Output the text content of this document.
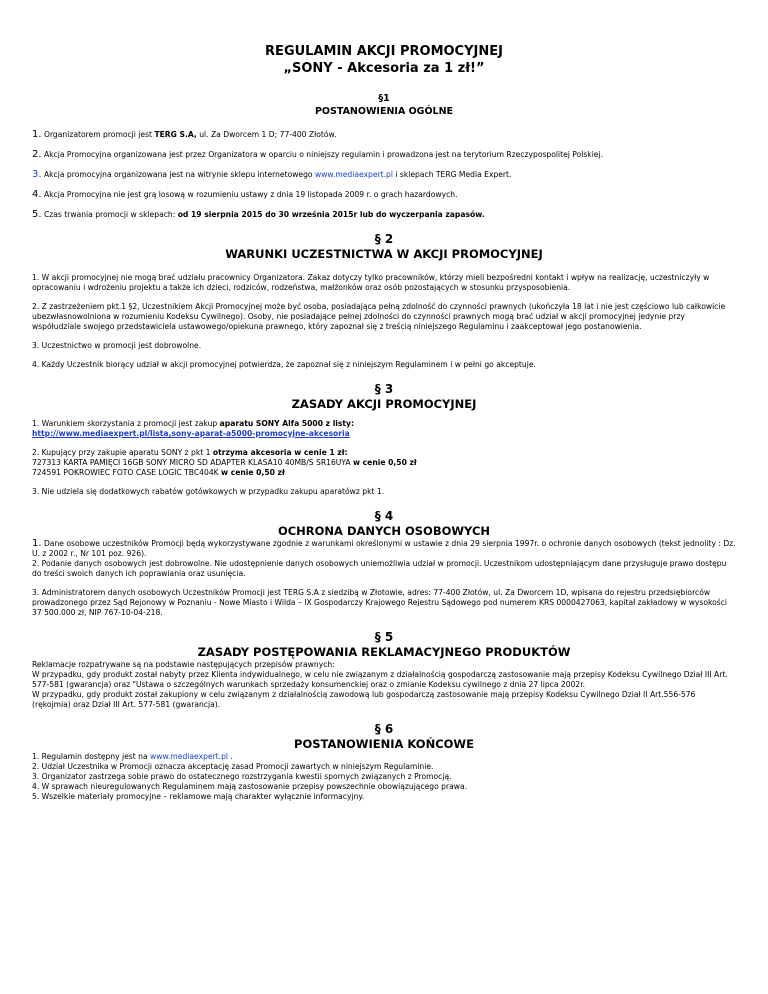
REGULAMIN AKCJI PROMOCYJNEJ
„SONY - Akcesoria za 1 zł!”
§1
POSTANOWIENIA OGÓLNE

1. Organizatorem promocji jest TERG S.A, ul. Za Dworcem 1 D; 77-400 Złotów.

2. Akcja Promocyjna organizowana jest przez Organizatora w oparciu o niniejszy regulamin i prowadzona jest na terytorium Rzeczypospolitej Polskiej.

3. Akcja promocyjna organizowana jest na witrynie sklepu internetowego www.mediaexpert.pl i sklepach TERG Media Expert.

4. Akcja Promocyjna nie jest grą losową w rozumieniu ustawy z dnia 19 listopada 2009 r. o grach hazardowych.

5. Czas trwania promocji w sklepach: od 19 sierpnia 2015 do 30 września 2015r lub do wyczerpania zapasów.

§ 2
WARUNKI UCZESTNICTWA W AKCJI PROMOCYJNEJ

1. W akcji promocyjnej nie mogą brać udziału pracownicy Organizatora. Zakaz dotyczy tylko pracowników, którzy mieli bezpośredni kontakt i wpływ na realizację, uczestniczyły w opracowaniu i wdrożeniu projektu a także ich dzieci, rodziców, rodzeństwa, małżonków oraz osób pozostających w stosunku przysposobienia.

2. Z zastrzeżeniem pkt.1 §2, Uczestnikiem Akcji Promocyjnej może być osoba, posiadająca pełną zdolność do czynności prawnych (ukończyła 18 lat i nie jest częściowo lub całkowicie ubezwłasnowolniona w rozumieniu Kodeksu Cywilnego). Osoby, nie posiadające pełnej zdolności do czynności prawnych mogą brać udział w akcji promocyjnej jedynie przy współudziale swojego przedstawiciela ustawowego/opiekuna prawnego, który zapoznał się z treścią niniejszego Regulaminu i zaakceptował jego postanowienia.

3. Uczestnictwo w promocji jest dobrowolne.

4. Każdy Uczestnik biorący udział w akcji promocyjnej potwierdza, że zapoznał się z niniejszym Regulaminem i w pełni go akceptuje.

§ 3
ZASADY AKCJI PROMOCYJNEJ

1. Warunkiem skorzystania z promocji jest zakup aparatu SONY Alfa 5000 z listy:
http://www.mediaexpert.pl/lista,sony-aparat-a5000-promocyjne-akcesoria

2. Kupujący przy zakupie aparatu SONY z pkt 1 otrzyma akcesoria w cenie 1 zł:
727313 KARTA PAMIĘCI 16GB SONY MICRO SD ADAPTER KLASA10 40MB/S SR16UYA w cenie 0,50 zł
724591 POKROWIEC FOTO CASE LOGIC TBC404K w cenie 0,50 zł

3. Nie udziela się dodatkowych rabatów gotówkowych w przypadku zakupu aparatówz pkt 1.

§ 4
OCHRONA DANYCH OSOBOWYCH

1. Dane osobowe uczestników Promocji będą wykorzystywane zgodnie z warunkami określonymi w ustawie z dnia 29 sierpnia 1997r. o ochronie danych osobowych (tekst jednolity : Dz. U. z 2002 r., Nr 101 poz. 926).

2. Podanie danych osobowych jest dobrowolne. Nie udostępnienie danych osobowych uniemożliwia udział w promocji. Uczestnikom udostępniającym dane przysługuje prawo dostępu do treści swoich danych ich poprawiania oraz usunięcia.

3. Administratorem danych osobowych Uczestników Promocji jest TERG S.A z siedzibą w Złotowie, adres: 77-400 Złotów, ul. Za Dworcem 1D, wpisana do rejestru przedsiębiorców prowadzonego przez Sąd Rejonowy w Poznaniu - Nowe Miasto i Wilda – IX Gospodarczy Krajowego Rejestru Sądowego pod numerem KRS 0000427063, kapitał zakładowy w wysokości 37 500.000 zł, NIP 767-10-04-218.

§ 5
ZASADY POSTĘPOWANIA REKLAMACYJNEGO PRODUKTÓW

Reklamacje rozpatrywane są na podstawie następujących przepisów prawnych:

W przypadku, gdy produkt został nabyty przez Klienta indywidualnego, w celu nie związanym z działalnością gospodarczą zastosowanie mają przepisy Kodeksu Cywilnego Dział III Art. 577-581 (gwarancja) oraz "Ustawa o szczególnych warunkach sprzedaży konsumenckiej oraz o zmianie Kodeksu cywilnego z dnia 27 lipca 2002r.

W przypadku, gdy produkt został zakupiony w celu związanym z działalnością zawodową lub gospodarczą zastosowanie mają przepisy Kodeksu Cywilnego Dział II Art.556-576 (rękojmia) oraz Dział III Art. 577-581 (gwarancja).

§ 6
POSTANOWIENIA KOŃCOWE

1. Regulamin dostępny jest na www.mediaexpert.pl .

2. Udział Uczestnika w Promocji oznacza akceptację zasad Promocji zawartych w niniejszym Regulaminie.

3. Organizator zastrzega sobie prawo do ostatecznego rozstrzygania kwestii spornych związanych z Promocją.

4. W sprawach nieuregulowanych Regulaminem mają zastosowanie przepisy powszechnie obowiązującego prawa.

5. Wszelkie materiały promocyjne – reklamowe mają charakter wyłącznie informacyjny.
